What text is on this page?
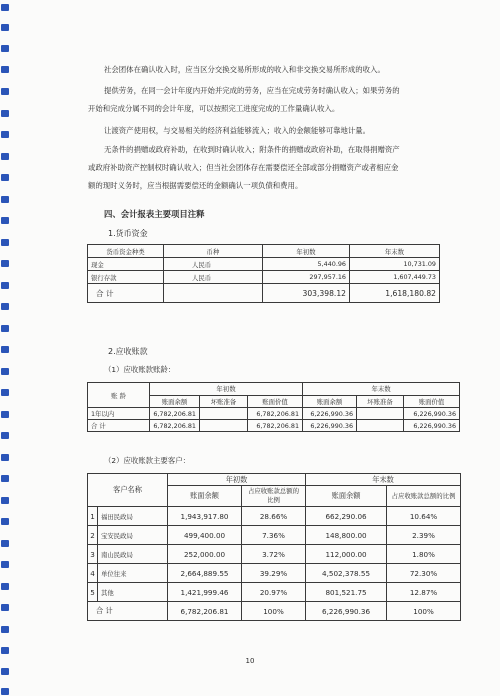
社会团体在确认收入时，应当区分交换交易所形成的收入和非交换交易所形成的收入。
提供劳务，在同一会计年度内开始并完成的劳务，应当在完成劳务时确认收入；如果劳务的
开始和完成分属不同的会计年度，可以按照完工进度完成的工作量确认收入。
让渡资产使用权，与交易相关的经济利益能够流入；收入的金额能够可靠地计量。
无条件的捐赠或政府补助，在收到时确认收入；附条件的捐赠或政府补助，在取得捐赠资产
或政府补助资产控制权时确认收入；但当社会团体存在需要偿还全部或部分捐赠资产或者相应金
额的现时义务时，应当根据需要偿还的金额确认一项负债和费用。
四、会计报表主要项目注释
1.货币资金
货币资金种类	币种	年初数	年末数
现金	人民币	5,440.96	10,731.09
银行存款	人民币	297,957.16	1,607,449.73
合 计		303,398.12	1,618,180.82
2.应收账款
（1）应收账款账龄：
账 龄	年初数			年末数		
	账面余额	坏账准备	账面价值	账面余额	坏账准备	账面价值
1年以内	6,782,206.81		6,782,206.81	6,226,990.36		6,226,990.36
合 计	6,782,206.81		6,782,206.81	6,226,990.36		6,226,990.36
（2）应收账款主要客户：
客户名称		年初数		年末数	
		账面余额	占应收账款总额的比例	账面余额	占应收账款总额的比例
1	福田民政局	1,943,917.80	28.66%	662,290.06	10.64%
2	宝安民政局	499,400.00	7.36%	148,800.00	2.39%
3	南山民政局	252,000.00	3.72%	112,000.00	1.80%
4	单位往来	2,664,889.55	39.29%	4,502,378.55	72.30%
5	其他	1,421,999.46	20.97%	801,521.75	12.87%
合 计		6,782,206.81	100%	6,226,990.36	100%
10
